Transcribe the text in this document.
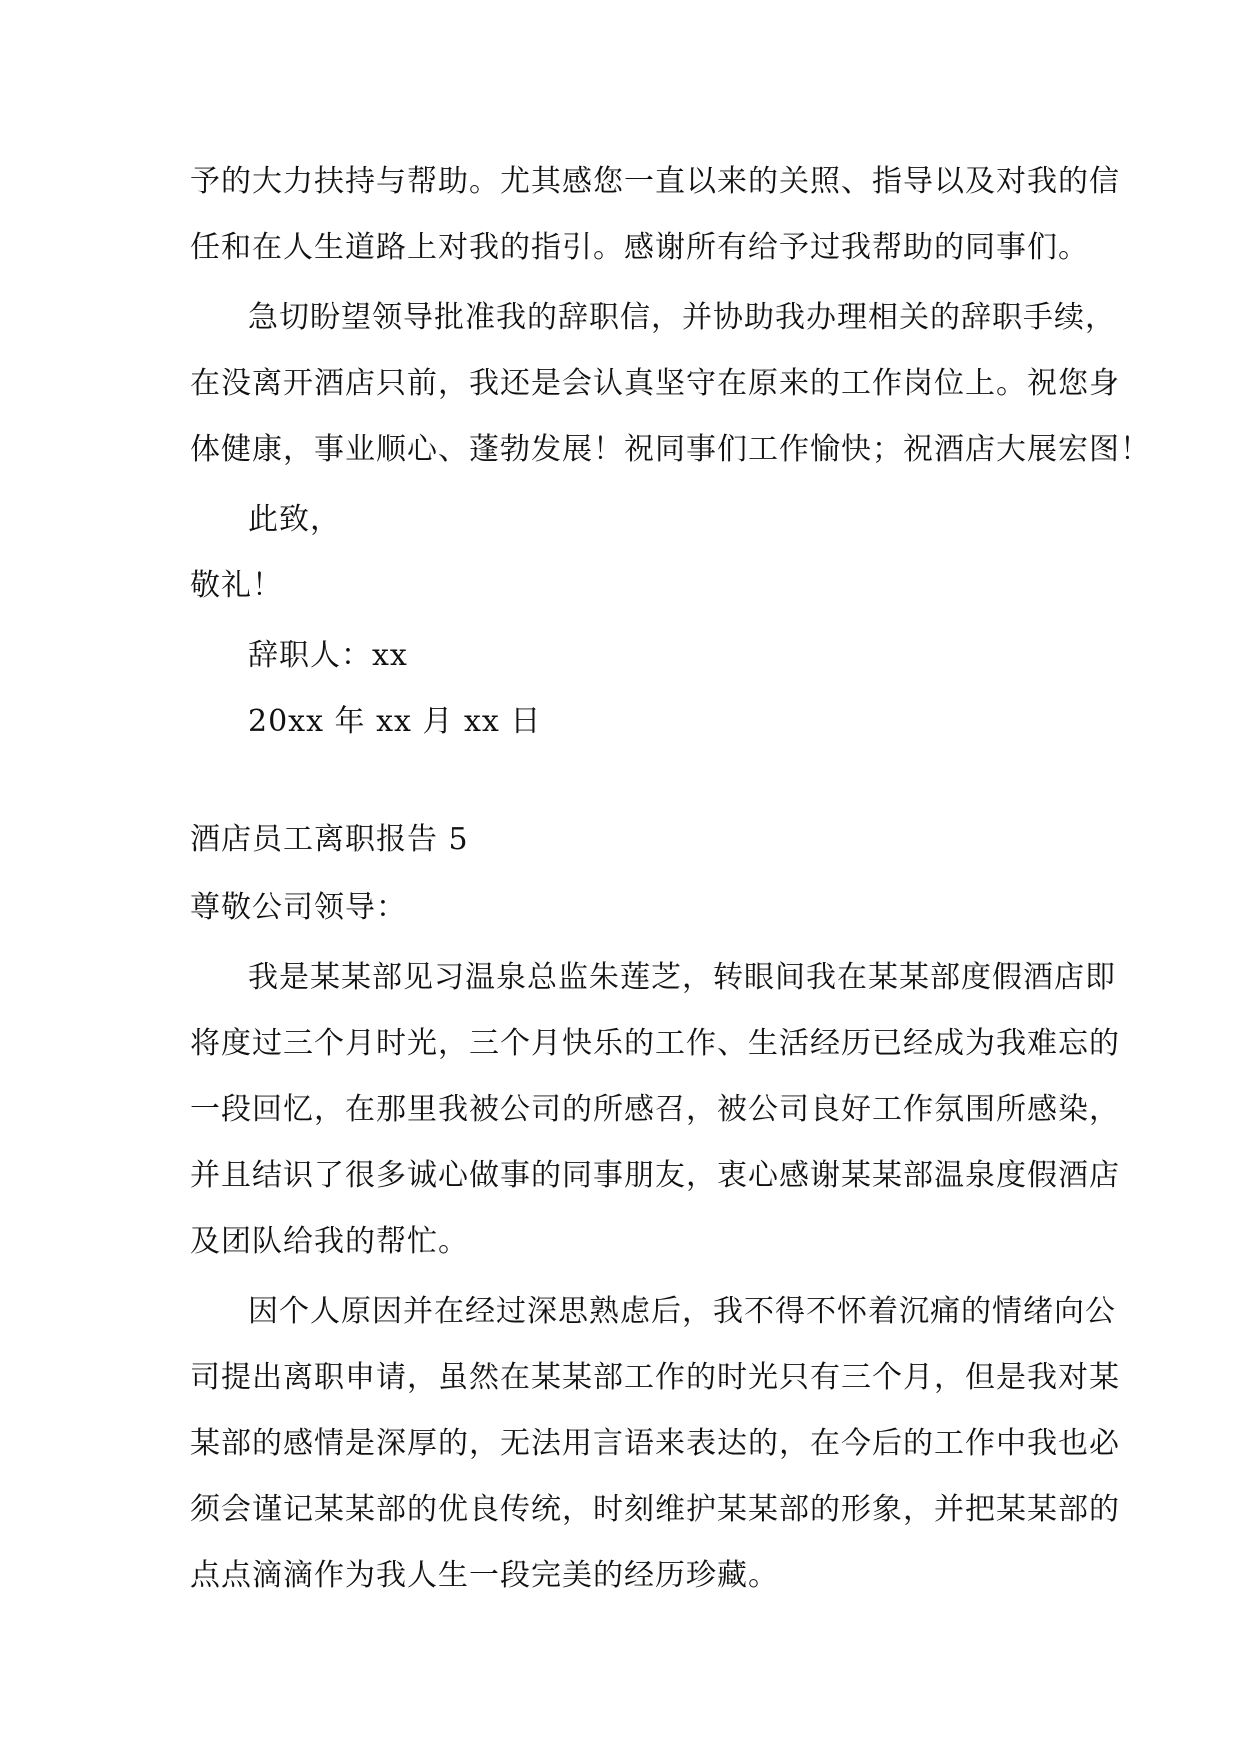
予的大力扶持与帮助。尤其感您一直以来的关照、指导以及对我的信
任和在人生道路上对我的指引。感谢所有给予过我帮助的同事们。
急切盼望领导批准我的辞职信，并协助我办理相关的辞职手续，
在没离开酒店只前，我还是会认真坚守在原来的工作岗位上。祝您身
体健康，事业顺心、蓬勃发展！祝同事们工作愉快；祝酒店大展宏图！
此致，
敬礼！
辞职人：xx
20xx 年 xx 月 xx 日
酒店员工离职报告 5
尊敬公司领导：
我是某某部见习温泉总监朱莲芝，转眼间我在某某部度假酒店即
将度过三个月时光，三个月快乐的工作、生活经历已经成为我难忘的
一段回忆，在那里我被公司的所感召，被公司良好工作氛围所感染，
并且结识了很多诚心做事的同事朋友，衷心感谢某某部温泉度假酒店
及团队给我的帮忙。
因个人原因并在经过深思熟虑后，我不得不怀着沉痛的情绪向公
司提出离职申请，虽然在某某部工作的时光只有三个月，但是我对某
某部的感情是深厚的，无法用言语来表达的，在今后的工作中我也必
须会谨记某某部的优良传统，时刻维护某某部的形象，并把某某部的
点点滴滴作为我人生一段完美的经历珍藏。
